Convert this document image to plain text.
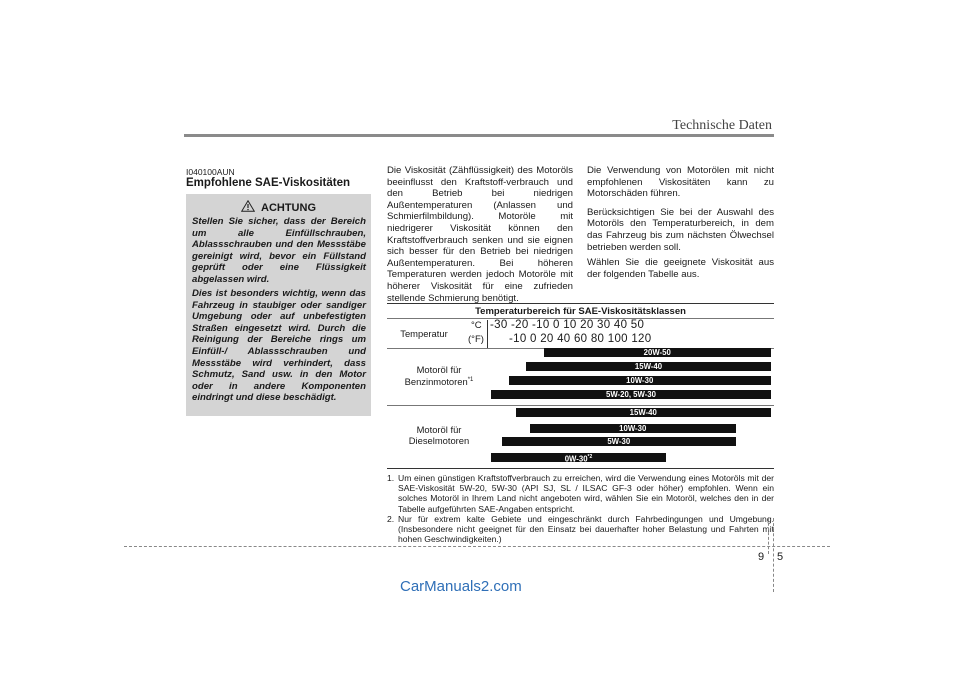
Technische Daten
I040100AUN
Empfohlene SAE-Viskositäten
ACHTUNG
Stellen Sie sicher, dass der Bereich um alle Einfüllschrauben, Ablassschrauben und den Messstäbe gereinigt wird, bevor ein Füllstand geprüft oder eine Flüssigkeit abgelassen wird.
Dies ist besonders wichtig, wenn das Fahrzeug in staubiger oder sandiger Umgebung oder auf unbefestigten Straßen eingesetzt wird. Durch die Reinigung der Bereiche rings um Einfüll-/ Ablassschrauben und Messstäbe wird verhindert, dass Schmutz, Sand usw. in den Motor oder in andere Komponenten eindringt und diese beschädigt.

Die Viskosität (Zähflüssigkeit) des Motoröls beeinflusst den Kraftstoff-verbrauch und den Betrieb bei niedrigen Außentemperaturen (Anlassen und Schmierfilmbildung). Motoröle mit niedrigerer Viskosität können den Kraftstoffverbrauch senken und sie eignen sich besser für den Betrieb bei niedrigen Außentemperaturen. Bei höheren Temperaturen werden jedoch Motoröle mit höherer Viskosität für eine zufrieden stellende Schmierung benötigt.

Die Verwendung von Motorölen mit nicht empfohlenen Viskositäten kann zu Motorschäden führen.

Berücksichtigen Sie bei der Auswahl des Motoröls den Temperaturbereich, in dem das Fahrzeug bis zum nächsten Ölwechsel betrieben werden soll.

Wählen Sie die geeignete Viskosität aus der folgenden Tabelle aus.

Temperaturbereich für SAE-Viskositätsklassen
Temperatur
°C
(°F)
-30 -20 -10 0 10 20 30 40 50
-10 0 20 40 60 80 100 120
Motoröl für Benzinmotoren$^{*1}$
Motoröl für Dieselmotoren
20W-50
15W-40
10W-30
5W-20, 5W-30
15W-40
10W-30
5W-30
0W-30$^{*2}$

1. Um einen günstigen Kraftstoffverbrauch zu erreichen, wird die Verwendung eines Motoröls mit der SAE-Viskosität 5W-20, 5W-30 (API SJ, SL / ILSAC GF-3 oder höher) empfohlen. Wenn ein solches Motoröl in Ihrem Land nicht angeboten wird, wählen Sie ein Motoröl, welches den in der Tabelle aufgeführten SAE-Angaben entspricht.

2. Nur für extrem kalte Gebiete und eingeschränkt durch Fahrbedingungen und Umgebung. (Insbesondere nicht geeignet für den Einsatz bei dauerhafter hoher Belastung und Fahrten mit hohen Geschwindigkeiten.)

9 5
CarManuals2.com
